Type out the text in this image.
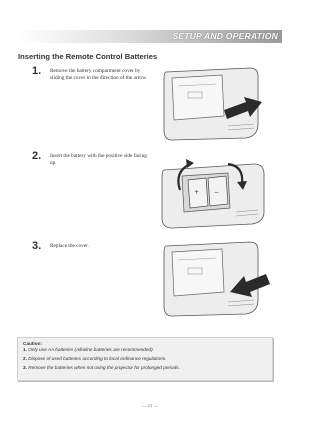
SETUP AND OPERATION
Inserting the Remote Control Batteries
1. Remove the battery compartment cover by sliding the cover in the direction of the arrow.
2. Insert the battery with the positive side facing up.
+ −
3. Replace the cover.
Caution:
1. Only use AA batteries (Alkaline batteries are recommended).
2. Dispose of used batteries according to local ordinance regulations.
3. Remove the batteries when not using the projector for prolonged periods.
— 11 —
